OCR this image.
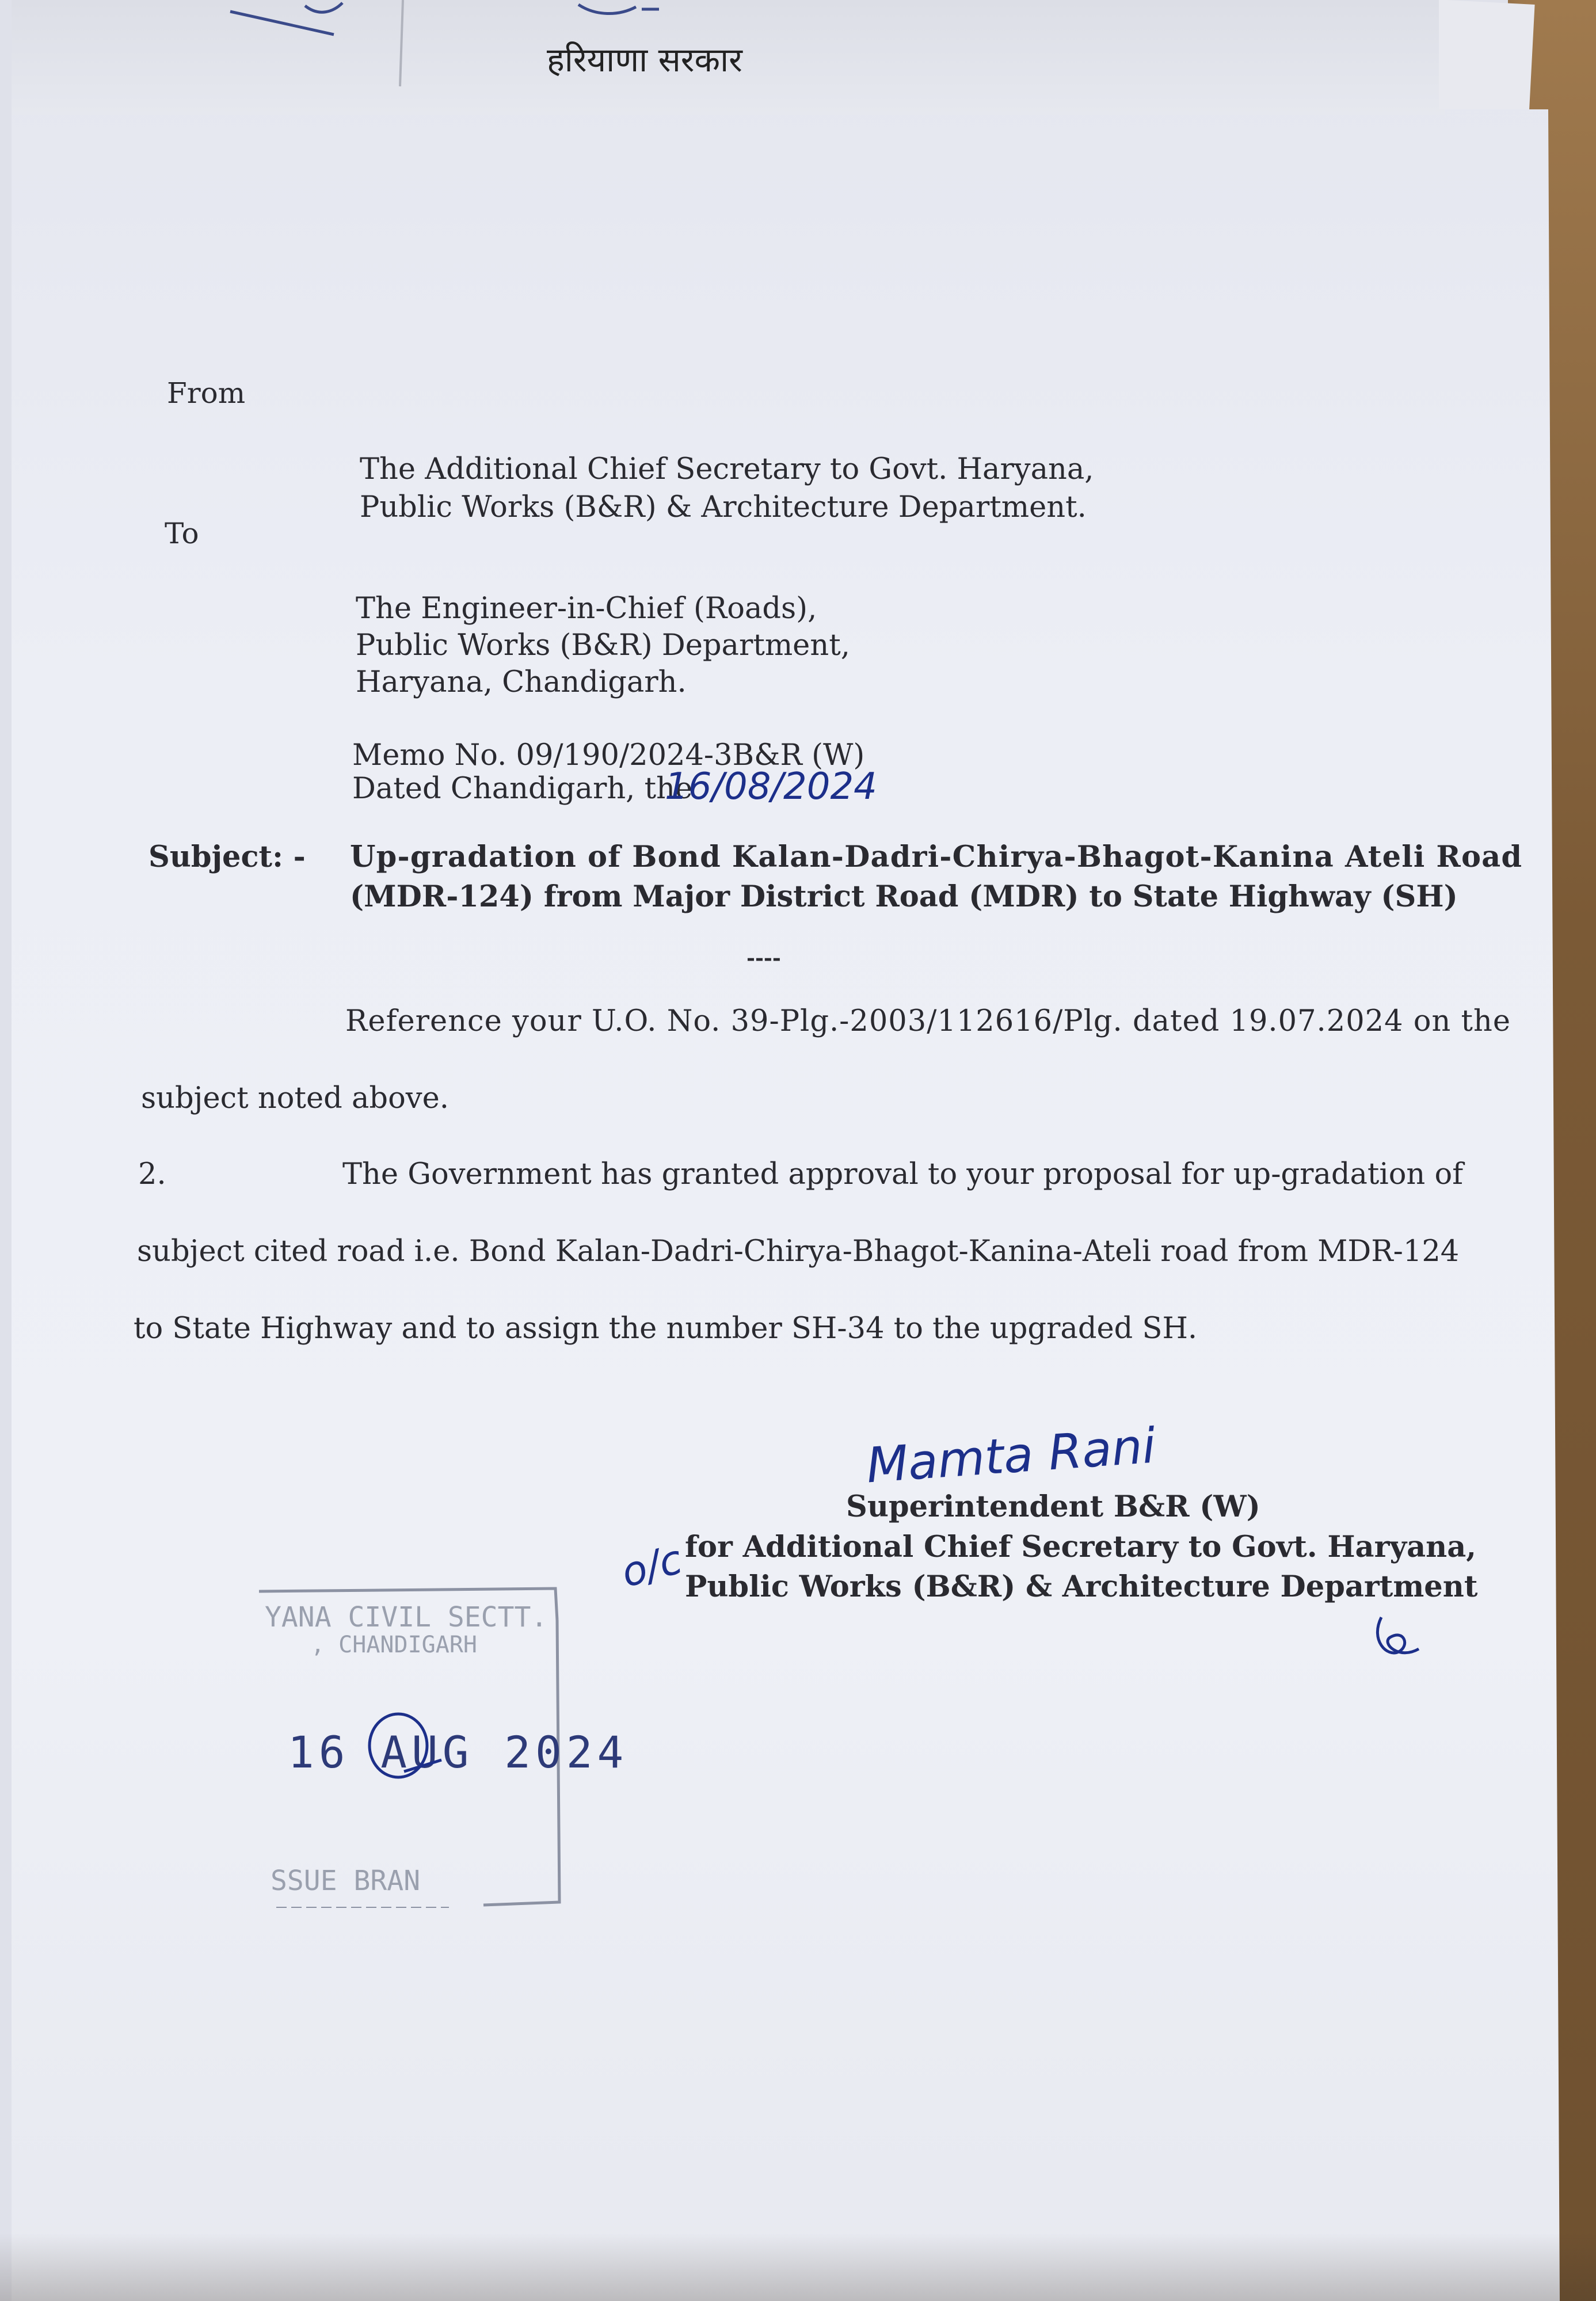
हरियाणा सरकार
From
The Additional Chief Secretary to Govt. Haryana,
Public Works (B&R) & Architecture Department.
To
The Engineer-in-Chief (Roads),
Public Works (B&R) Department,
Haryana, Chandigarh.
Memo No. 09/190/2024-3B&R (W)
Dated Chandigarh, the
16/08/2024
Subject: - Up-gradation of Bond Kalan-Dadri-Chirya-Bhagot-Kanina Ateli Road
(MDR-124) from Major District Road (MDR) to State Highway (SH)
----
Reference your U.O. No. 39-Plg.-2003/112616/Plg. dated 19.07.2024 on the
subject noted above.
2.	The Government has granted approval to your proposal for up-gradation of
subject cited road i.e. Bond Kalan-Dadri-Chirya-Bhagot-Kanina-Ateli road from MDR-124
to State Highway and to assign the number SH-34 to the upgraded SH.
Mamta Rani
Superintendent B&R (W)
o/c
for Additional Chief Secretary to Govt. Haryana,
Public Works (B&R) & Architecture Department
YANA CIVIL SECTT.
, CHANDIGARH
16 AUG 2024
SSUE BRAN
